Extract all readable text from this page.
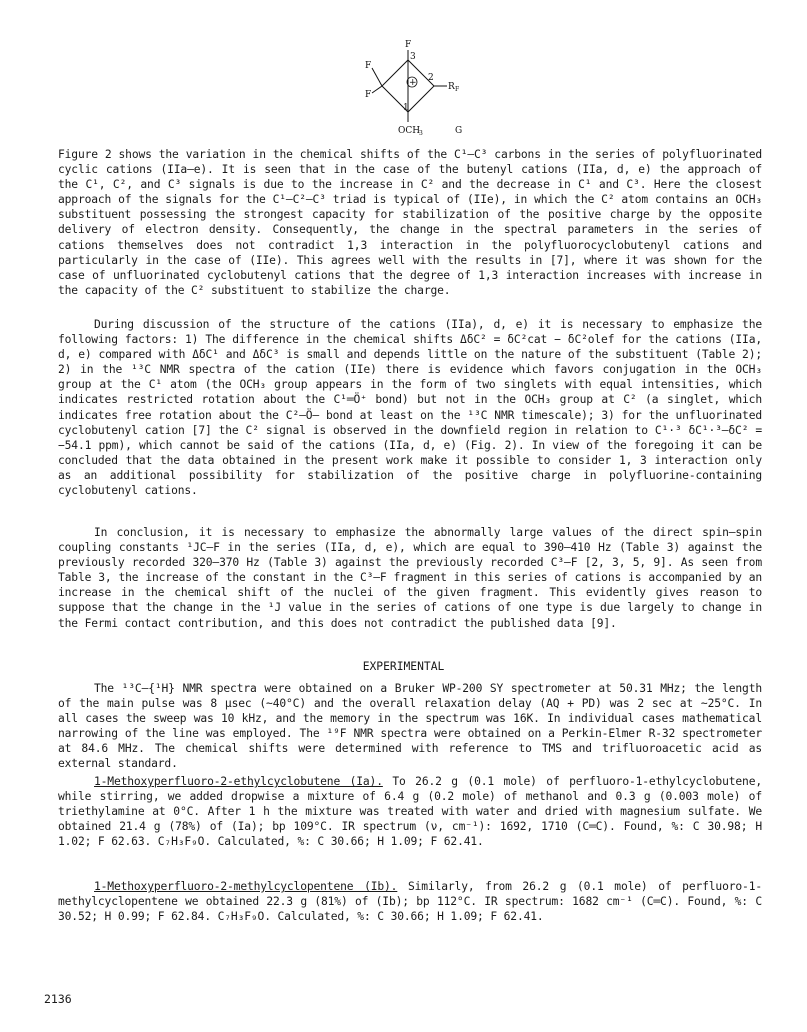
F
3
F
F
+ 2
R F
1
OCH
3	G

Figure 2 shows the variation in the chemical shifts of the C¹–C³ carbons in the series of polyfluorinated cyclic cations (IIa–e). It is seen that in the case of the butenyl cations (IIa, d, e) the approach of the C¹, C², and C³ signals is due to the increase in C² and the decrease in C¹ and C³. Here the closest approach of the signals for the C¹–C²–C³ triad is typical of (IIe), in which the C² atom contains an OCH₃ substituent possessing the strongest capacity for stabilization of the positive charge by the opposite delivery of electron density. Consequently, the change in the spectral parameters in the series of cations themselves does not contradict 1,3 interaction in the polyfluorocyclobutenyl cations and particularly in the case of (IIe). This agrees well with the results in [7], where it was shown for the case of unfluorinated cyclobutenyl cations that the degree of 1,3 interaction increases with increase in the capacity of the C² substituent to stabilize the charge.

During discussion of the structure of the cations (IIa), d, e) it is necessary to emphasize the following factors: 1) The difference in the chemical shifts ΔδC² = δC²cat − δC²olef for the cations (IIa, d, e) compared with ΔδC¹ and ΔδC³ is small and depends little on the nature of the substituent (Table 2); 2) in the ¹³C NMR spectra of the cation (IIe) there is evidence which favors conjugation in the OCH₃ group at the C¹ atom (the OCH₃ group appears in the form of two singlets with equal intensities, which indicates restricted rotation about the C¹═Ö⁺ bond) but not in the OCH₃ group at C² (a singlet, which indicates free rotation about the C²–Ö– bond at least on the ¹³C NMR timescale); 3) for the unfluorinated cyclobutenyl cation [7] the C² signal is observed in the downfield region in relation to C¹·³ δC¹·³–δC² = −54.1 ppm), which cannot be said of the cations (IIa, d, e) (Fig. 2). In view of the foregoing it can be concluded that the data obtained in the present work make it possible to consider 1, 3 interaction only as an additional possibility for stabilization of the positive charge in polyfluorine-containing cyclobutenyl cations.

In conclusion, it is necessary to emphasize the abnormally large values of the direct spin–spin coupling constants ¹JC–F in the series (IIa, d, e), which are equal to 390–410 Hz (Table 3) against the previously recorded 320–370 Hz (Table 3) against the previously recorded C³–F [2, 3, 5, 9]. As seen from Table 3, the increase of the constant in the C³–F fragment in this series of cations is accompanied by an increase in the chemical shift of the nuclei of the given fragment. This evidently gives reason to suppose that the change in the ¹J value in the series of cations of one type is due largely to change in the Fermi contact contribution, and this does not contradict the published data [9].

EXPERIMENTAL

The ¹³C–{¹H} NMR spectra were obtained on a Bruker WP-200 SY spectrometer at 50.31 MHz; the length of the main pulse was 8 μsec (~40°C) and the overall relaxation delay (AQ + PD) was 2 sec at ~25°C. In all cases the sweep was 10 kHz, and the memory in the spectrum was 16K. In individual cases mathematical narrowing of the line was employed. The ¹⁹F NMR spectra were obtained on a Perkin-Elmer R-32 spectrometer at 84.6 MHz. The chemical shifts were determined with reference to TMS and trifluoroacetic acid as external standard.

1-Methoxyperfluoro-2-ethylcyclobutene (Ia). To 26.2 g (0.1 mole) of perfluoro-1-ethylcyclobutene, while stirring, we added dropwise a mixture of 6.4 g (0.2 mole) of methanol and 0.3 g (0.003 mole) of triethylamine at 0°C. After 1 h the mixture was treated with water and dried with magnesium sulfate. We obtained 21.4 g (78%) of (Ia); bp 109°C. IR spectrum (ν, cm⁻¹): 1692, 1710 (C═C). Found, %: C 30.98; H 1.02; F 62.63. C₇H₃F₉O. Calculated, %: C 30.66; H 1.09; F 62.41.

1-Methoxyperfluoro-2-methylcyclopentene (Ib). Similarly, from 26.2 g (0.1 mole) of perfluoro-1-methylcyclopentene we obtained 22.3 g (81%) of (Ib); bp 112°C. IR spectrum: 1682 cm⁻¹ (C═C). Found, %: C 30.52; H 0.99; F 62.84. C₇H₃F₉O. Calculated, %: C 30.66; H 1.09; F 62.41.

2136
